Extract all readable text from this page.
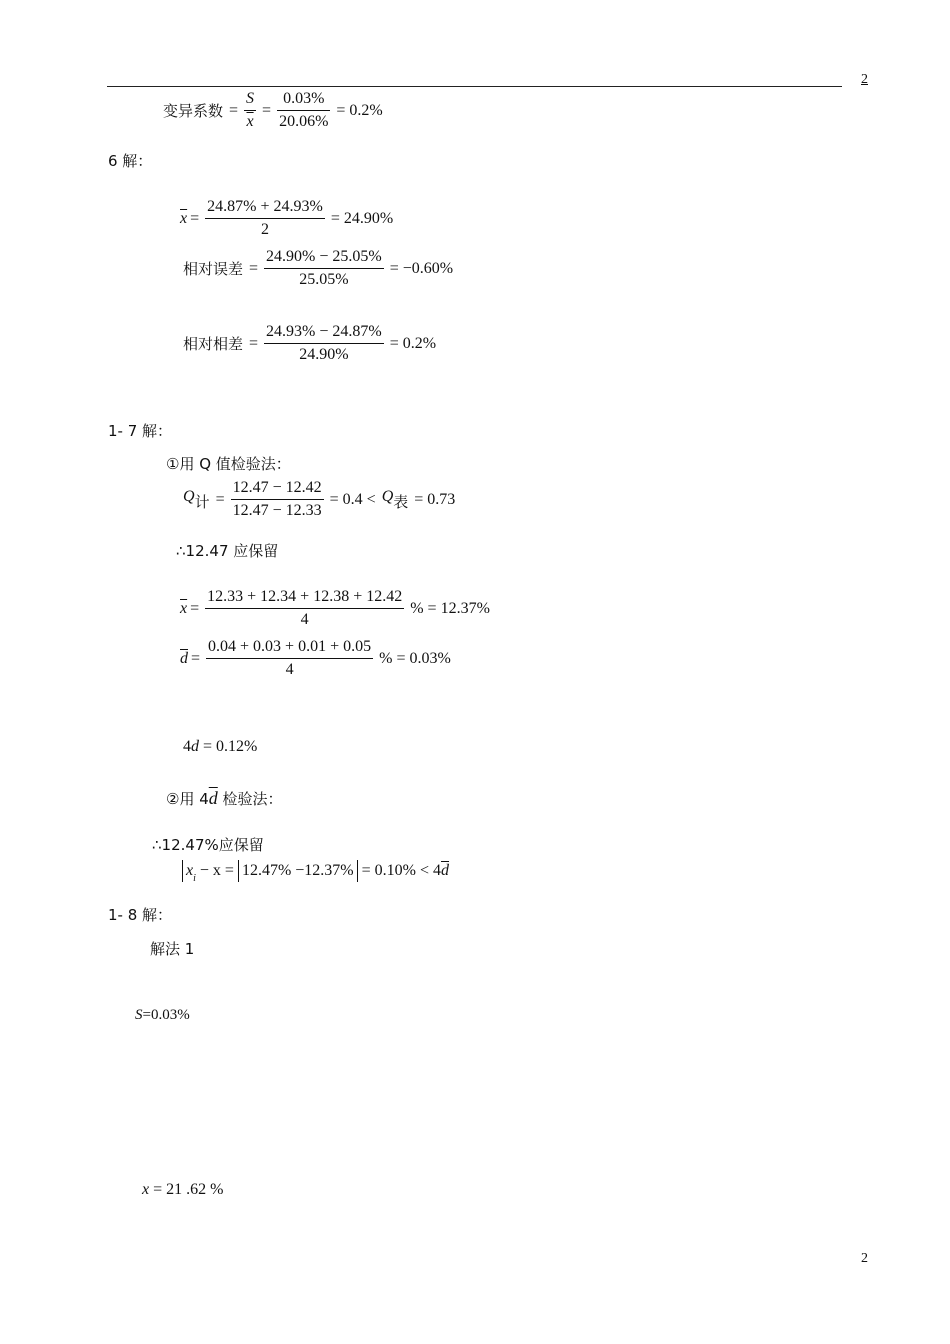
2
变异系数 = $\frac{S}{x} = \frac{0.03\%}{20.06\%} = 0.2\%$
6 解：
$\overline{x} = \frac{24.87\% + 24.93\%}{2} = 24.90\%$
相对误差 = $\frac{24.90\% - 25.05\%}{25.05\%} = -0.60\%$
相对相差 = $\frac{24.93\% - 24.87\%}{24.90\%} = 0.2\%$
1- 7 解：
①用 Q 值检验法：
$Q_计 = \frac{12.47 - 12.42}{12.47 - 12.33} = 0.4 < Q_表 = 0.73$
∴12.47 应保留
$\overline{x} = \frac{12.33 + 12.34 + 12.38 + 12.42}{4}$ % = 12.37%
$\overline{d} = \frac{0.04 + 0.03 + 0.01 + 0.05}{4}$ % = 0.03%
4d = 0.12%
②用 $4\overline{d}$ 检验法：
∴12.47%应保留
$x_i - x = 12.47\% -12.37\% = 0.10\% < 4\overline{d}$
1- 8 解：
解法 1
S=0.03%
x = 21 .62 %
2
